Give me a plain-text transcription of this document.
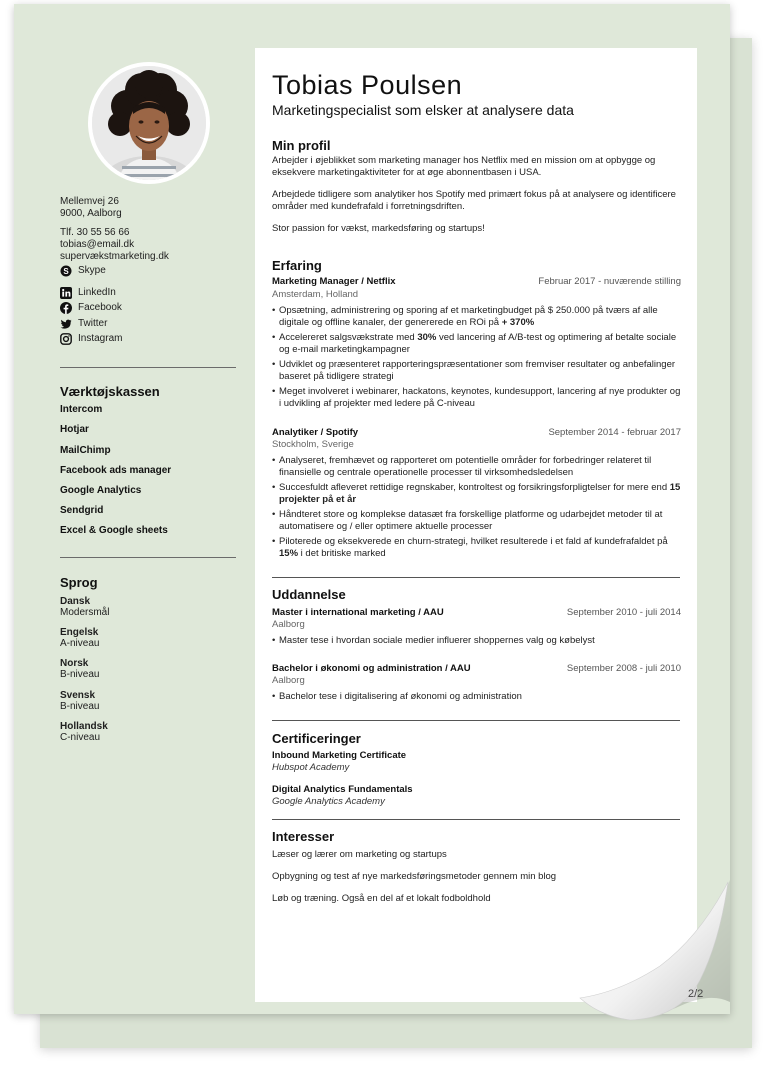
Mellemvej 26
9000, Aalborg
Tlf. 30 55 56 66
tobias@email.dk
supervækstmarketing.dk
S Skype
LinkedIn
Facebook
Twitter
Instagram
Værktøjskassen
Intercom
Hotjar
MailChimp
Facebook ads manager
Google Analytics
Sendgrid
Excel & Google sheets
Sprog
Dansk
Modersmål
Engelsk
A-niveau
Norsk
B-niveau
Svensk
B-niveau
Hollandsk
C-niveau
Tobias Poulsen
Marketingspecialist som elsker at analysere data
Min profil
Arbejder i øjeblikket som marketing manager hos Netflix med en mission om at opbygge og eksekvere marketingaktiviteter for at øge abonnentbasen i USA.
Arbejdede tidligere som analytiker hos Spotify med primært fokus på at analysere og identificere områder med kundefrafald i forretningsdriften.
Stor passion for vækst, markedsføring og startups!
Erfaring
Marketing Manager / Netflix	Februar 2017 - nuværende stilling
Amsterdam, Holland
• Opsætning, administrering og sporing af et marketingbudget på $ 250.000 på tværs af alle digitale og offline kanaler, der genererede en ROi på + 370%
• Accelereret salgsvækstrate med 30% ved lancering af A/B-test og optimering af betalte sociale og e-mail marketingkampagner
• Udviklet og præsenteret rapporteringspræsentationer som fremviser resultater og anbefalinger baseret på tidligere strategi
• Meget involveret i webinarer, hackatons, keynotes, kundesupport, lancering af nye produkter og i udvikling af projekter med ledere på C-niveau
Analytiker / Spotify	September 2014 - februar 2017
Stockholm, Sverige
• Analyseret, fremhævet og rapporteret om potentielle områder for forbedringer relateret til finansielle og centrale operationelle processer til virksomhedsledelsen
• Succesfuldt afleveret rettidige regnskaber, kontroltest og forsikringsforpligtelser for mere end 15 projekter på et år
• Håndteret store og komplekse datasæt fra forskellige platforme og udarbejdet metoder til at automatisere og / eller optimere aktuelle processer
• Piloterede og eksekverede en churn-strategi, hvilket resulterede i et fald af kundefrafaldet på 15% i det britiske marked
Uddannelse
Master i international marketing / AAU	September 2010 - juli 2014
Aalborg
• Master tese i hvordan sociale medier influerer shoppernes valg og købelyst
Bachelor i økonomi og administration / AAU	September 2008 - juli 2010
Aalborg
• Bachelor tese i digitalisering af økonomi og administration
Certificeringer
Inbound Marketing Certificate
Hubspot Academy
Digital Analytics Fundamentals
Google Analytics Academy
Interesser
Læser og lærer om marketing og startups
Opbygning og test af nye markedsføringsmetoder gennem min blog
Løb og træning. Også en del af et lokalt fodboldhold
2/2
